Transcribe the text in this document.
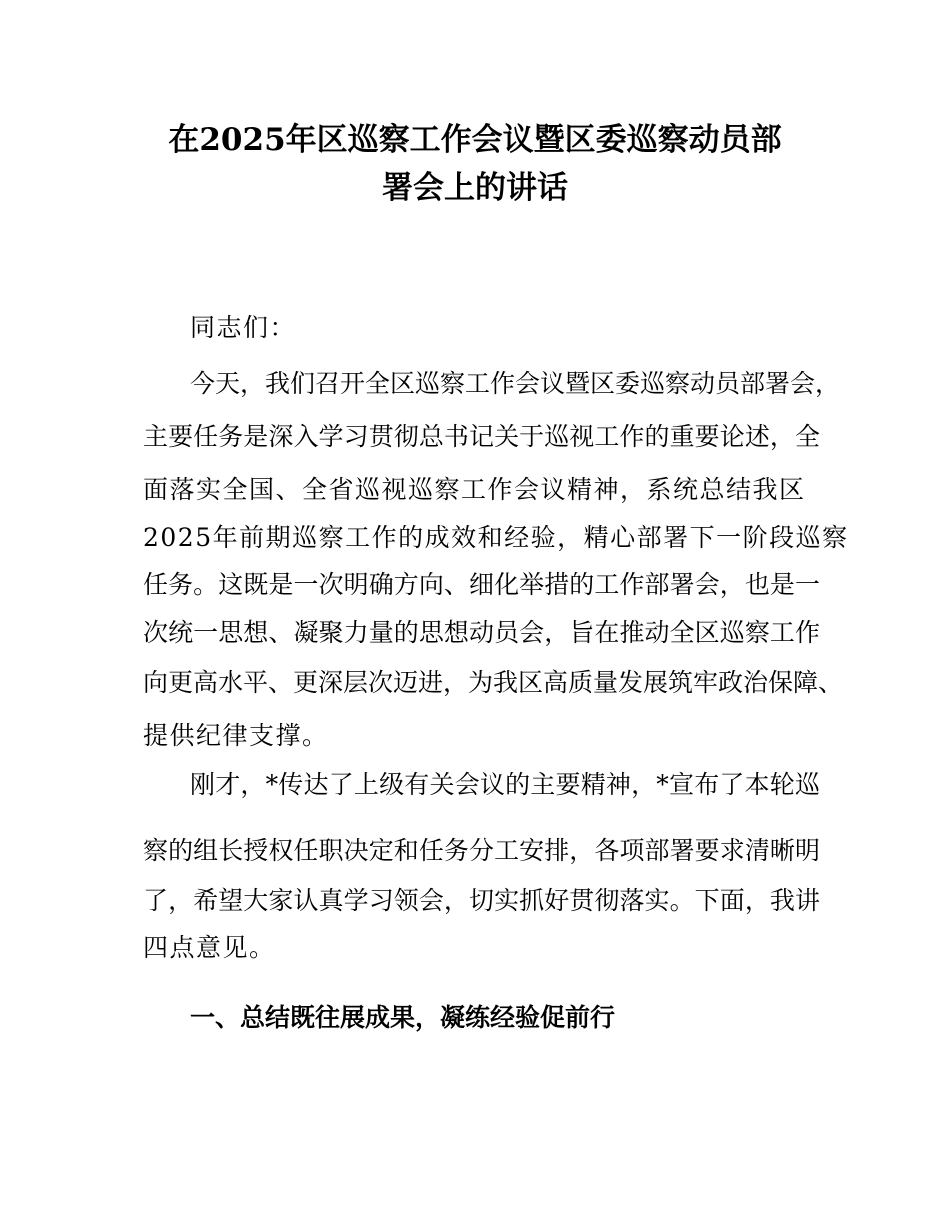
在2025年区巡察工作会议暨区委巡察动员部
署会上的讲话
同志们：
今天，我们召开全区巡察工作会议暨区委巡察动员部署会，
主要任务是深入学习贯彻总书记关于巡视工作的重要论述，全
面落实全国、全省巡视巡察工作会议精神，系统总结我区
2025年前期巡察工作的成效和经验，精心部署下一阶段巡察
任务。这既是一次明确方向、细化举措的工作部署会，也是一
次统一思想、凝聚力量的思想动员会，旨在推动全区巡察工作
向更高水平、更深层次迈进，为我区高质量发展筑牢政治保障、
提供纪律支撑。
刚才，*传达了上级有关会议的主要精神，*宣布了本轮巡
察的组长授权任职决定和任务分工安排，各项部署要求清晰明
了，希望大家认真学习领会，切实抓好贯彻落实。下面，我讲
四点意见。
一、总结既往展成果，凝练经验促前行
